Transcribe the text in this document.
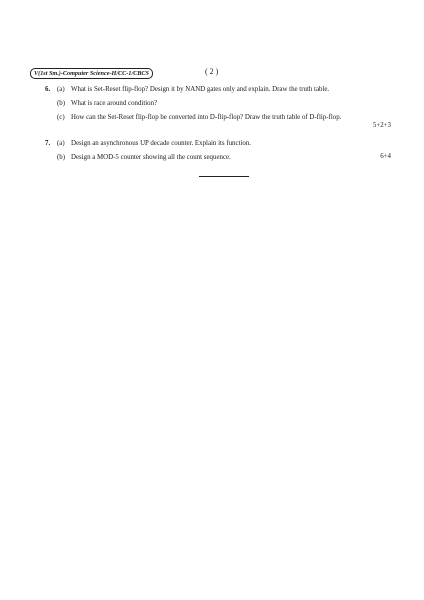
V(1st Sm.)-Computer Science-H/CC-1/CBCS	( 2 )
6. (a) What is Set-Reset flip-flop? Design it by NAND gates only and explain. Draw the truth table.
(b) What is race around condition?
(c) How can the Set-Reset flip-flop be converted into D-flip-flop? Draw the truth table of D-flip-flop.
5+2+3
7. (a) Design an asynchronous UP decade counter. Explain its function.
(b) Design a MOD-5 counter showing all the count sequence.	6+4
